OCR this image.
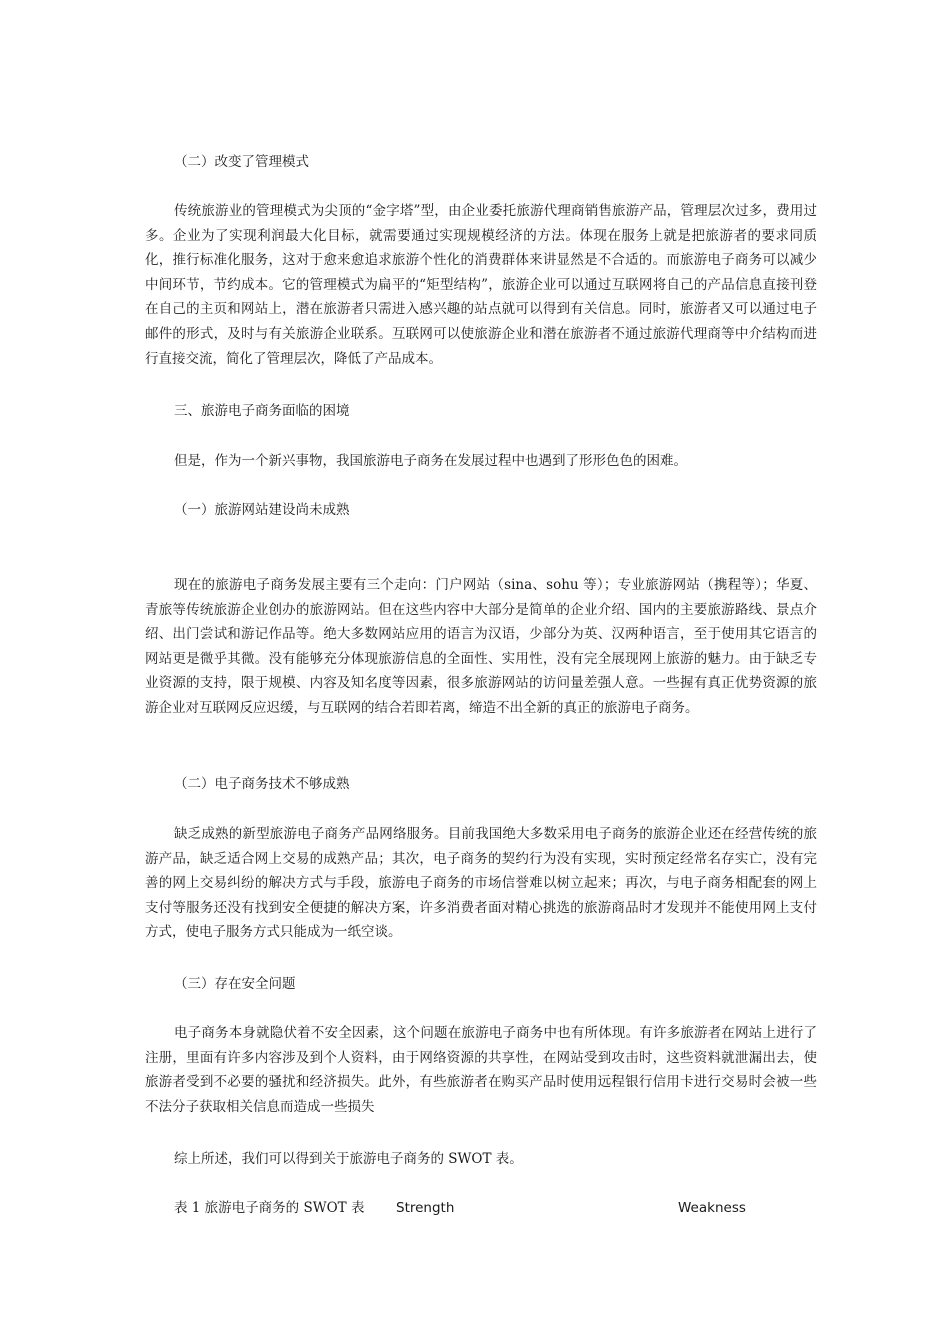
（二）改变了管理模式
传统旅游业的管理模式为尖顶的“金字塔”型，由企业委托旅游代理商销售旅游产品，管理层次过多，费用过多。企业为了实现利润最大化目标，就需要通过实现规模经济的方法。体现在服务上就是把旅游者的要求同质化，推行标准化服务，这对于愈来愈追求旅游个性化的消费群体来讲显然是不合适的。而旅游电子商务可以减少中间环节，节约成本。它的管理模式为扁平的“矩型结构”，旅游企业可以通过互联网将自己的产品信息直接刊登在自己的主页和网站上，潜在旅游者只需进入感兴趣的站点就可以得到有关信息。同时，旅游者又可以通过电子邮件的形式，及时与有关旅游企业联系。互联网可以使旅游企业和潜在旅游者不通过旅游代理商等中介结构而进行直接交流，简化了管理层次，降低了产品成本。
三、旅游电子商务面临的困境
但是，作为一个新兴事物，我国旅游电子商务在发展过程中也遇到了形形色色的困难。
（一）旅游网站建设尚未成熟
现在的旅游电子商务发展主要有三个走向：门户网站（sina、sohu 等）；专业旅游网站（携程等）；华夏、青旅等传统旅游企业创办的旅游网站。但在这些内容中大部分是简单的企业介绍、国内的主要旅游路线、景点介绍、出门尝试和游记作品等。绝大多数网站应用的语言为汉语，少部分为英、汉两种语言，至于使用其它语言的网站更是微乎其微。没有能够充分体现旅游信息的全面性、实用性，没有完全展现网上旅游的魅力。由于缺乏专业资源的支持，限于规模、内容及知名度等因素，很多旅游网站的访问量差强人意。一些握有真正优势资源的旅游企业对互联网反应迟缓，与互联网的结合若即若离，缔造不出全新的真正的旅游电子商务。
（二）电子商务技术不够成熟
缺乏成熟的新型旅游电子商务产品网络服务。目前我国绝大多数采用电子商务的旅游企业还在经营传统的旅游产品，缺乏适合网上交易的成熟产品；其次，电子商务的契约行为没有实现，实时预定经常名存实亡，没有完善的网上交易纠纷的解决方式与手段，旅游电子商务的市场信誉难以树立起来；再次，与电子商务相配套的网上支付等服务还没有找到安全便捷的解决方案，许多消费者面对精心挑选的旅游商品时才发现并不能使用网上支付方式，使电子服务方式只能成为一纸空谈。
（三）存在安全问题
电子商务本身就隐伏着不安全因素，这个问题在旅游电子商务中也有所体现。有许多旅游者在网站上进行了注册，里面有许多内容涉及到个人资料，由于网络资源的共享性，在网站受到攻击时，这些资料就泄漏出去，使旅游者受到不必要的骚扰和经济损失。此外，有些旅游者在购买产品时使用远程银行信用卡进行交易时会被一些不法分子获取相关信息而造成一些损失
综上所述，我们可以得到关于旅游电子商务的 SWOT 表。
表 1 旅游电子商务的 SWOT 表 Strength	Weakness
